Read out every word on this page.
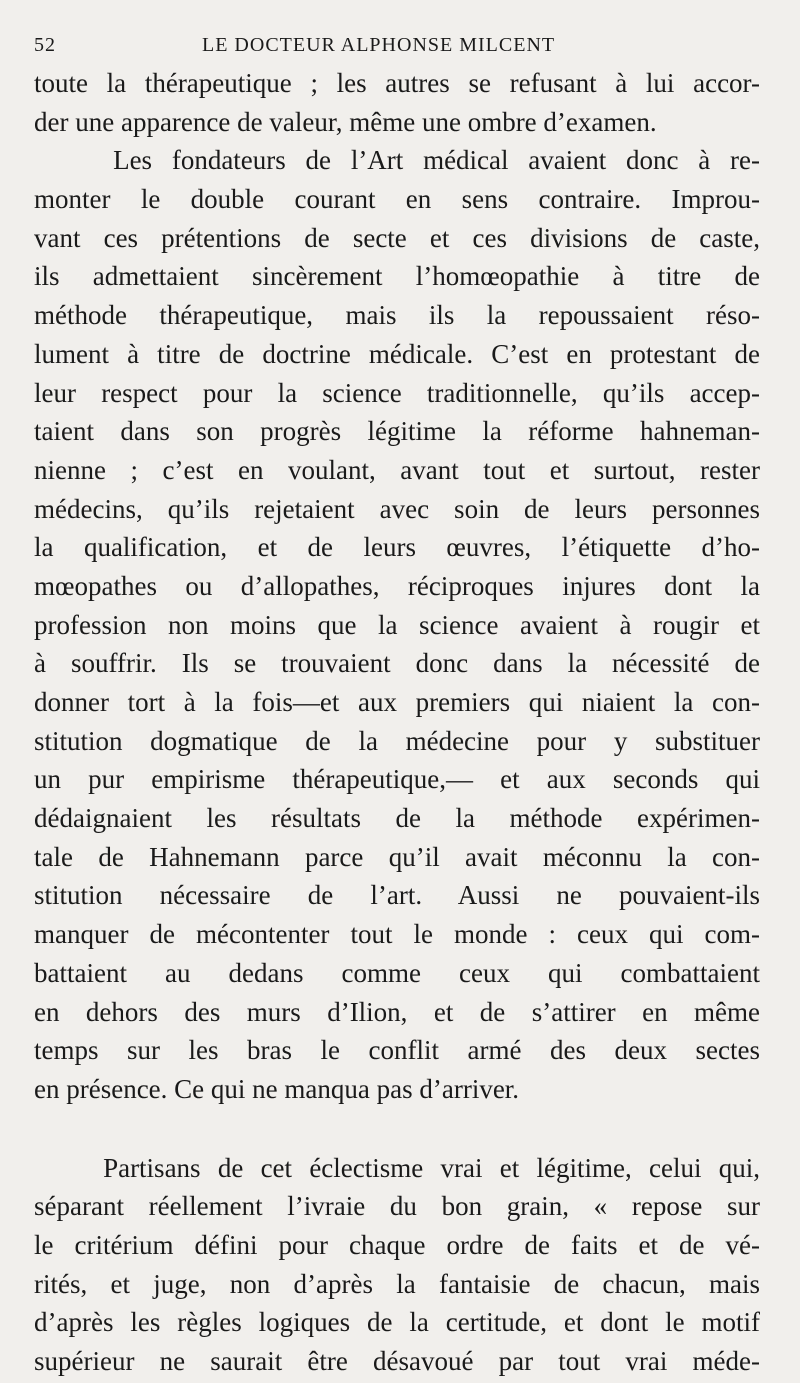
52	LE DOCTEUR ALPHONSE MILCENT
toute la thérapeutique ; les autres se refusant à lui accor-
der une apparence de valeur, même une ombre d’examen.
Les fondateurs de l’Art médical avaient donc à re-
monter le double courant en sens contraire. Improu-
vant ces prétentions de secte et ces divisions de caste,
ils admettaient sincèrement l’homœopathie à titre de
méthode thérapeutique, mais ils la repoussaient réso-
lument à titre de doctrine médicale. C’est en protestant de
leur respect pour la science traditionnelle, qu’ils accep-
taient dans son progrès légitime la réforme hahneman-
nienne ; c’est en voulant, avant tout et surtout, rester
médecins, qu’ils rejetaient avec soin de leurs personnes
la qualification, et de leurs œuvres, l’étiquette d’ho-
mœopathes ou d’allopathes, réciproques injures dont la
profession non moins que la science avaient à rougir et
à souffrir. Ils se trouvaient donc dans la nécessité de
donner tort à la fois—et aux premiers qui niaient la con-
stitution dogmatique de la médecine pour y substituer
un pur empirisme thérapeutique,— et aux seconds qui
dédaignaient les résultats de la méthode expérimen-
tale de Hahnemann parce qu’il avait méconnu la con-
stitution nécessaire de l’art. Aussi ne pouvaient-ils
manquer de mécontenter tout le monde : ceux qui com-
battaient au dedans comme ceux qui combattaient
en dehors des murs d’Ilion, et de s’attirer en même
temps sur les bras le conflit armé des deux sectes
en présence. Ce qui ne manqua pas d’arriver.
Partisans de cet éclectisme vrai et légitime, celui qui,
séparant réellement l’ivraie du bon grain, « repose sur
le critérium défini pour chaque ordre de faits et de vé-
rités, et juge, non d’après la fantaisie de chacun, mais
d’après les règles logiques de la certitude, et dont le motif
supérieur ne saurait être désavoué par tout vrai méde-
